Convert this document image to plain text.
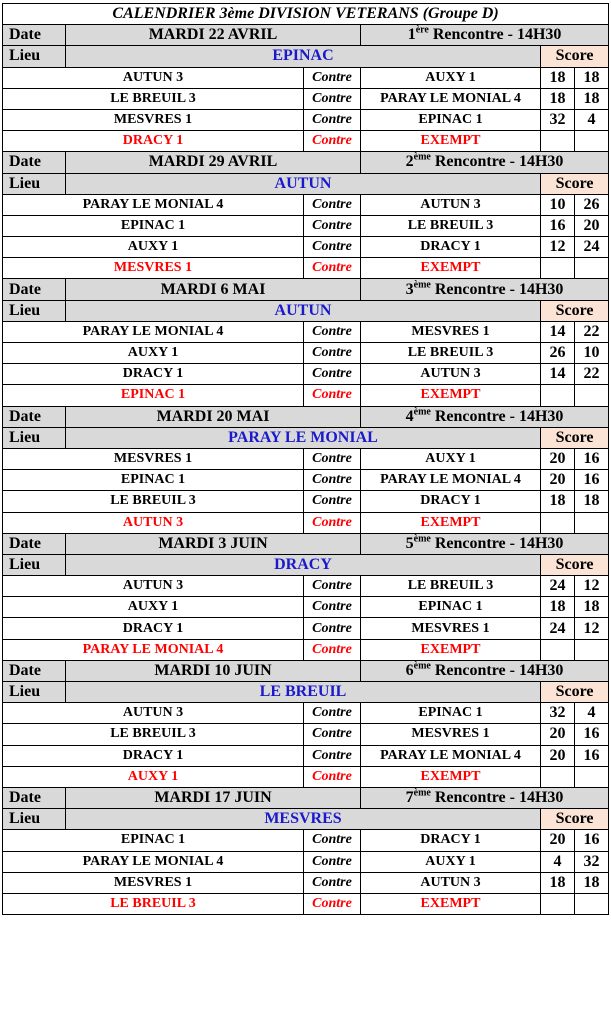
CALENDRIER 3ème DIVISION VETERANS (Groupe D)					
Date	MARDI 22 AVRIL		1ère Rencontre - 14H30		
Lieu	EPINAC			Score	
AUTUN 3		Contre	AUXY 1	18	18
LE BREUIL 3		Contre	PARAY LE MONIAL 4	18	18
MESVRES 1		Contre	EPINAC 1	32	4
DRACY 1		Contre	EXEMPT		
Date	MARDI 29 AVRIL		2ème Rencontre - 14H30		
Lieu	AUTUN			Score	
PARAY LE MONIAL 4		Contre	AUTUN 3	10	26
EPINAC 1		Contre	LE BREUIL 3	16	20
AUXY 1		Contre	DRACY 1	12	24
MESVRES 1		Contre	EXEMPT		
Date	MARDI 6 MAI		3ème Rencontre - 14H30		
Lieu	AUTUN			Score	
PARAY LE MONIAL 4		Contre	MESVRES 1	14	22
AUXY 1		Contre	LE BREUIL 3	26	10
DRACY 1		Contre	AUTUN 3	14	22
EPINAC 1		Contre	EXEMPT		
Date	MARDI 20 MAI		4ème Rencontre - 14H30		
Lieu	PARAY LE MONIAL			Score	
MESVRES 1		Contre	AUXY 1	20	16
EPINAC 1		Contre	PARAY LE MONIAL 4	20	16
LE BREUIL 3		Contre	DRACY 1	18	18
AUTUN 3		Contre	EXEMPT		
Date	MARDI 3 JUIN		5ème Rencontre - 14H30		
Lieu	DRACY			Score	
AUTUN 3		Contre	LE BREUIL 3	24	12
AUXY 1		Contre	EPINAC 1	18	18
DRACY 1		Contre	MESVRES 1	24	12
PARAY LE MONIAL 4		Contre	EXEMPT		
Date	MARDI 10 JUIN		6ème Rencontre - 14H30		
Lieu	LE BREUIL			Score	
AUTUN 3		Contre	EPINAC 1	32	4
LE BREUIL 3		Contre	MESVRES 1	20	16
DRACY 1		Contre	PARAY LE MONIAL 4	20	16
AUXY 1		Contre	EXEMPT		
Date	MARDI 17 JUIN		7ème Rencontre - 14H30		
Lieu	MESVRES			Score	
EPINAC 1		Contre	DRACY 1	20	16
PARAY LE MONIAL 4		Contre	AUXY 1	4	32
MESVRES 1		Contre	AUTUN 3	18	18
LE BREUIL 3		Contre	EXEMPT		
